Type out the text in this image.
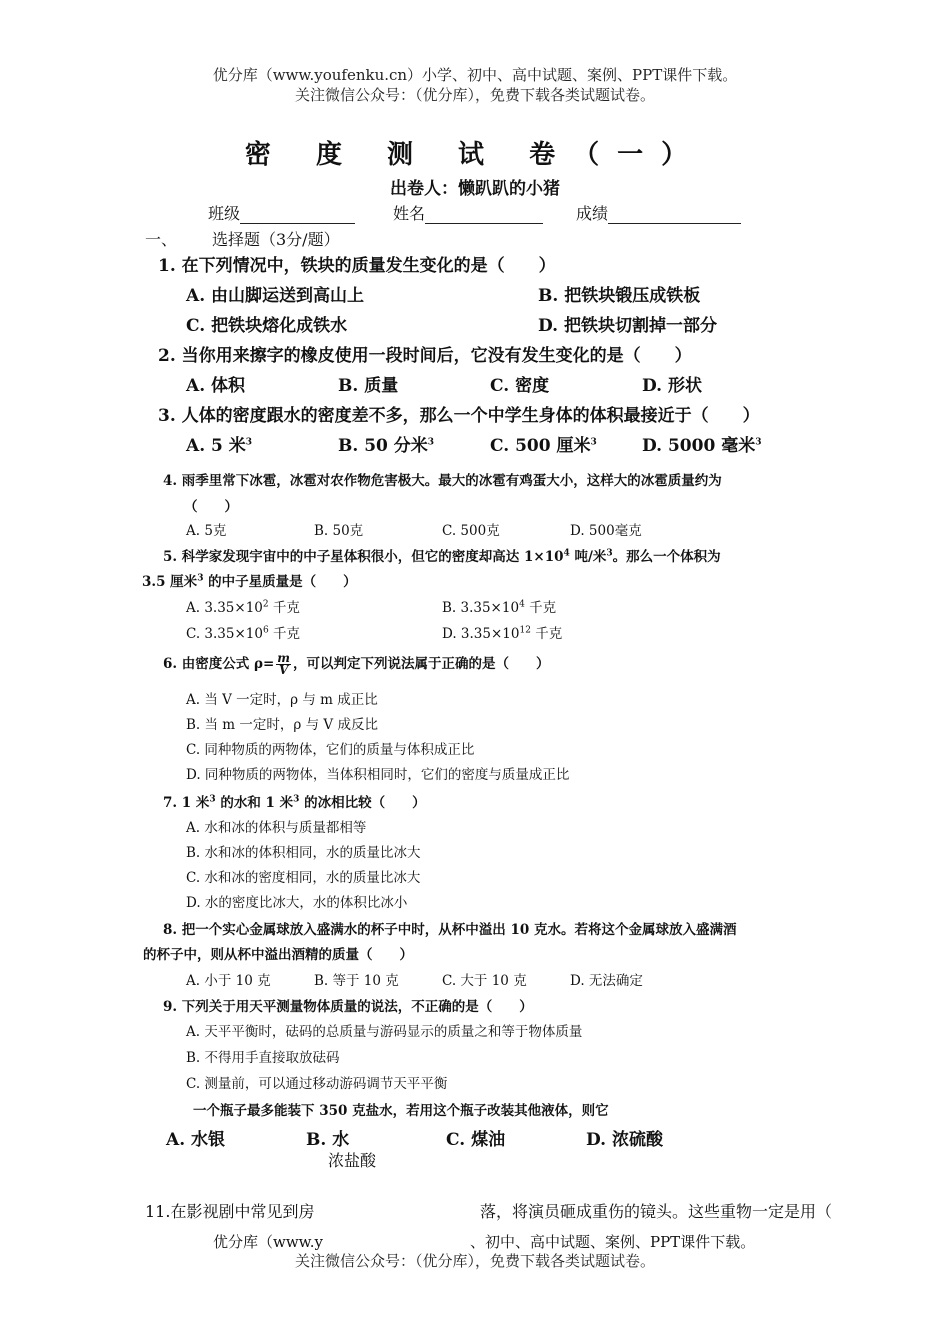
优分库（www.youfenku.cn）小学、初中、高中试题、案例、PPT课件下载。
关注微信公众号：（优分库），免费下载各类试题试卷。
密 度 测 试 卷（一）
出卷人：懒趴趴的小猪
班级	姓名	成绩
一、 选择题（3分/题）
1. 在下列情况中，铁块的质量发生变化的是（　　）
A. 由山脚运送到高山上	B. 把铁块锻压成铁板
C. 把铁块熔化成铁水	D. 把铁块切割掉一部分
2. 当你用来擦字的橡皮使用一段时间后，它没有发生变化的是（　　）
A. 体积	B. 质量	C. 密度	D. 形状
3. 人体的密度跟水的密度差不多，那么一个中学生身体的体积最接近于（　　）
A. 5 米$^3$	B. 50 分米$^3$	C. 500 厘米$^3$	D. 5000 毫米$^3$
4. 雨季里常下冰雹，冰雹对农作物危害极大。最大的冰雹有鸡蛋大小，这样大的冰雹质量约为
（　　）
A. 5克	B. 50克	C. 500克	D. 500毫克
5. 科学家发现宇宙中的中子星体积很小，但它的密度却高达 $1\times 10^4$ 吨/米$^3$。那么一个体积为
3.5 厘米$^3$ 的中子星质量是（　　）
A. $3.35\times 10^2$ 千克	B. $3.35\times 10^4$ 千克
C. $3.35\times 10^6$ 千克	D. $3.35\times 10^{12}$ 千克
6. 由密度公式 $\rho= \frac{m}{V}$ ，可以判定下列说法属于正确的是（　　）
A. 当 V 一定时，ρ 与 m 成正比
B. 当 m 一定时，ρ 与 V 成反比
C. 同种物质的两物体，它们的质量与体积成正比
D. 同种物质的两物体，当体积相同时，它们的密度与质量成正比
7. 1 米$^3$ 的水和 1 米$^3$ 的冰相比较（　　）
A. 水和冰的体积与质量都相等
B. 水和冰的体积相同，水的质量比冰大
C. 水和冰的密度相同，水的质量比冰大
D. 水的密度比冰大，水的体积比冰小
8. 把一个实心金属球放入盛满水的杯子中时，从杯中溢出 10 克水。若将这个金属球放入盛满酒
的杯子中，则从杯中溢出酒精的质量（　　）
A. 小于 10 克	B. 等于 10 克	C. 大于 10 克	D. 无法确定
9. 下列关于用天平测量物体质量的说法，不正确的是（　　）
A. 天平平衡时，砝码的总质量与游码显示的质量之和等于物体质量
B. 不得用手直接取放砝码
C. 测量前，可以通过移动游码调节天平平衡
一个瓶子最多能装下 350 克盐水，若用这个瓶子改装其他液体，则它
A. 水银	B. 水	C. 煤油	D. 浓硫酸
浓盐酸
11.在影视剧中常见到房	落，将演员砸成重伤的镜头。这些重物一定是用（
优分库（www.y	、初中、高中试题、案例、PPT课件下载。
关注微信公众号：（优分库），免费下载各类试题试卷。
